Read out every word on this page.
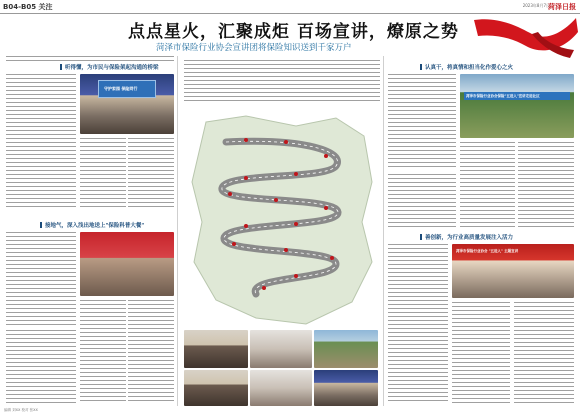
B04-B05 关注	2023年8月7日
菏泽日报
点点星火，汇聚成炬 百场宣讲，燎原之势
菏泽市保险行业协会宣讲团将保险知识送到千家万户
听得懂，为市民与保险架起沟通的桥梁
守护家园 保险同行
接地气，深入浅出地送上"保险科普大餐"
认真干，将真情和担当化作爱心之火
菏泽市保险行业协会保险"五进入"宣讲走进社区
善创新，为行业高质量发展注入活力
菏泽市保险行业协会 "五进入" 主题宣讲
编辑 刘XX 校对 张XX
